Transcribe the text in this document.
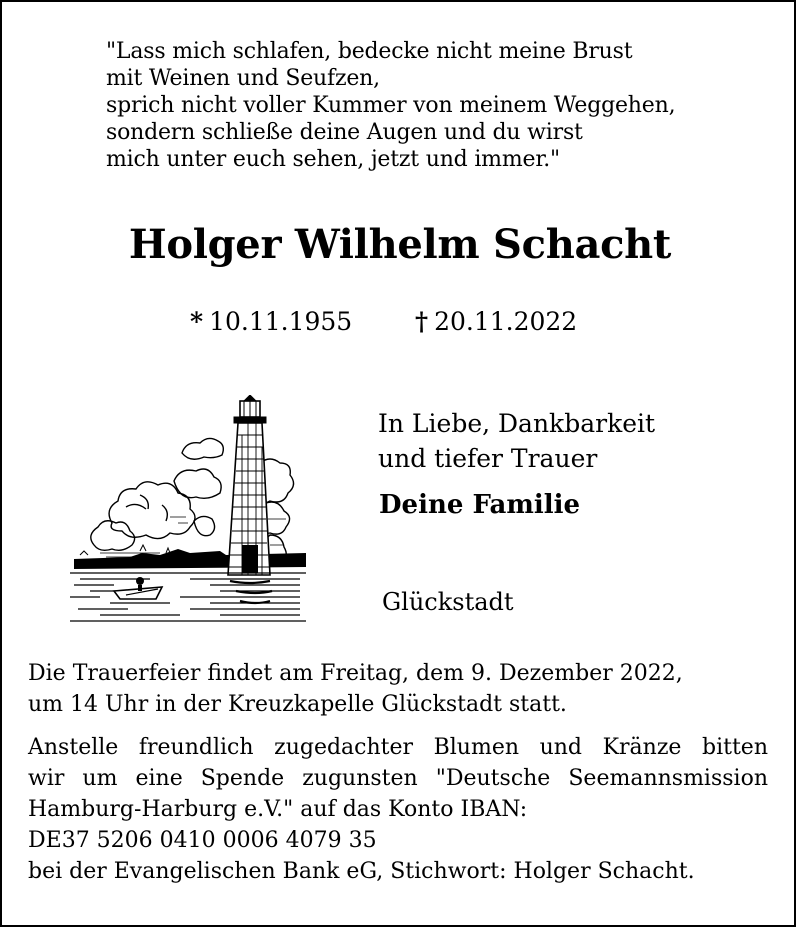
"Lass mich schlafen, bedecke nicht meine Brust
mit Weinen und Seufzen,
sprich nicht voller Kummer von meinem Weggehen,
sondern schließe deine Augen und du wirst
mich unter euch sehen, jetzt und immer."
Holger Wilhelm Schacht
* 10.11.1955	† 20.11.2022
In Liebe, Dankbarkeit
und tiefer Trauer
Deine Familie
Glückstadt
Die Trauerfeier findet am Freitag, dem 9. Dezember 2022,
um 14 Uhr in der Kreuzkapelle Glückstadt statt.
Anstelle freundlich zugedachter Blumen und Kränze bitten
wir um eine Spende zugunsten "Deutsche Seemannsmission
Hamburg-Harburg e.V." auf das Konto IBAN:
DE37 5206 0410 0006 4079 35
bei der Evangelischen Bank eG, Stichwort: Holger Schacht.
